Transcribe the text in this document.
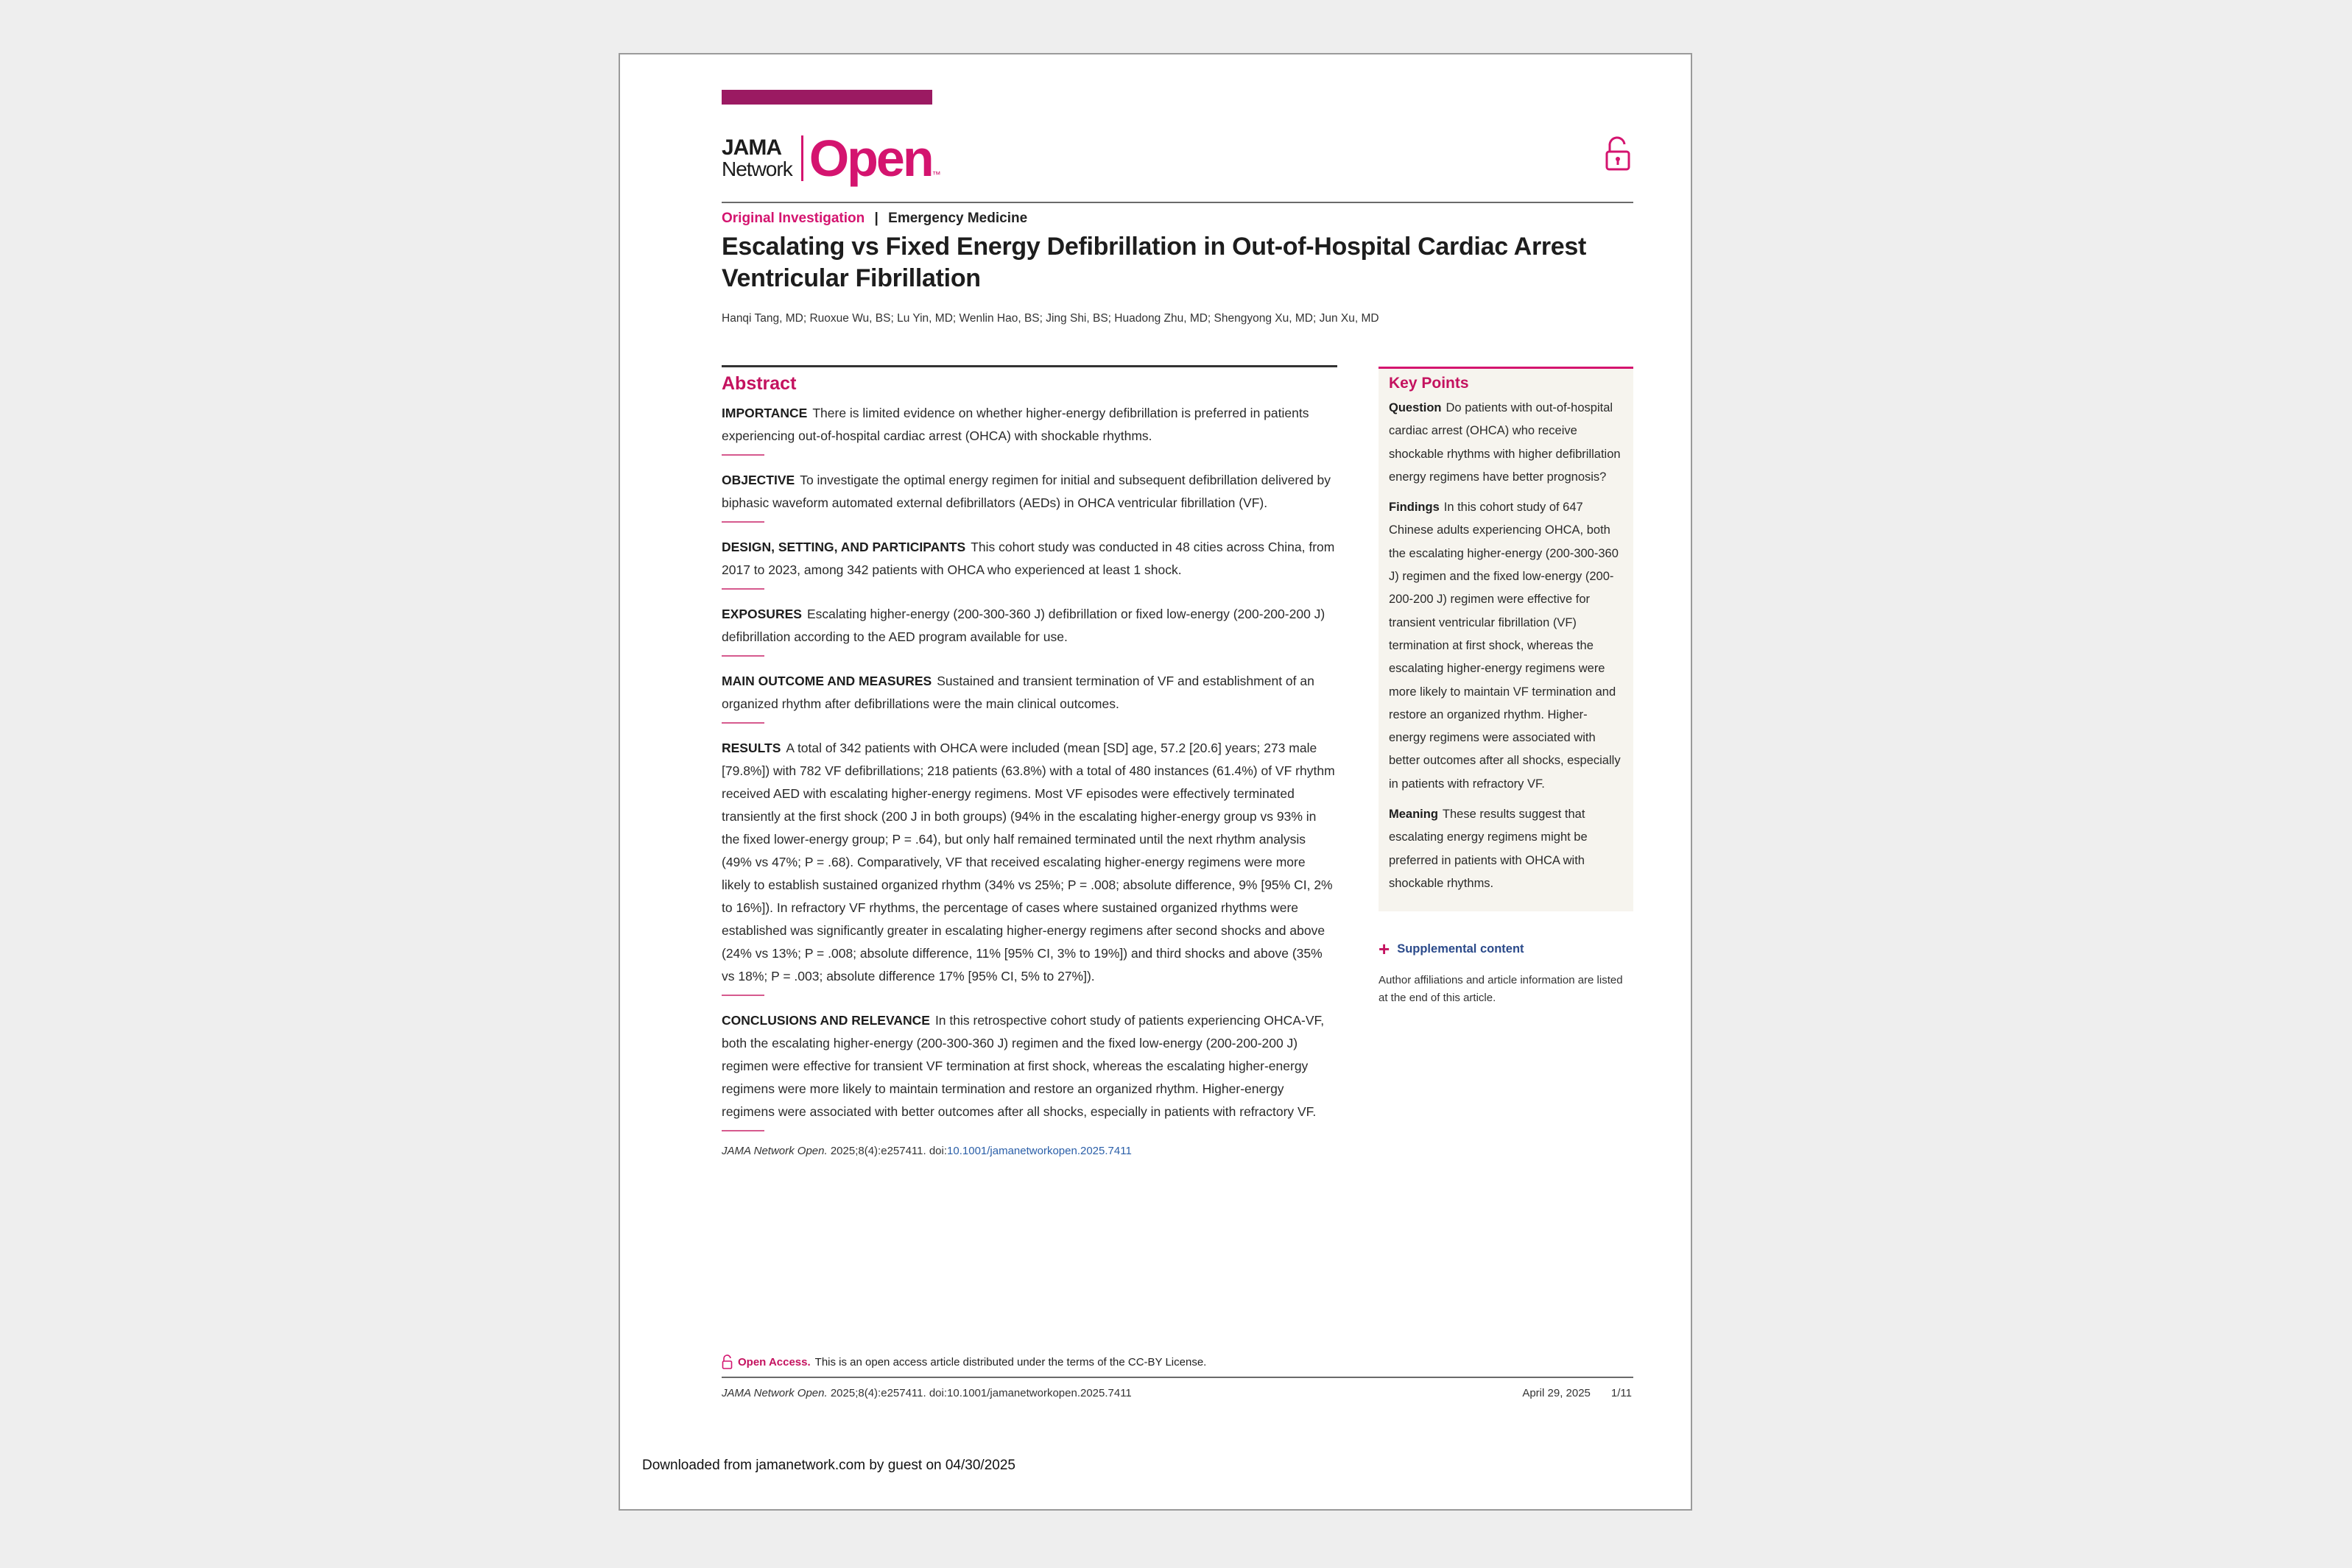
JAMA
Network Open ™
Original Investigation | Emergency Medicine
Escalating vs Fixed Energy Defibrillation in Out-of-Hospital Cardiac Arrest Ventricular Fibrillation

Hanqi Tang, MD; Ruoxue Wu, BS; Lu Yin, MD; Wenlin Hao, BS; Jing Shi, BS; Huadong Zhu, MD; Shengyong Xu, MD; Jun Xu, MD

Abstract

IMPORTANCE There is limited evidence on whether higher-energy defibrillation is preferred in patients experiencing out-of-hospital cardiac arrest (OHCA) with shockable rhythms.

OBJECTIVE To investigate the optimal energy regimen for initial and subsequent defibrillation delivered by biphasic waveform automated external defibrillators (AEDs) in OHCA ventricular fibrillation (VF).

DESIGN, SETTING, AND PARTICIPANTS This cohort study was conducted in 48 cities across China, from 2017 to 2023, among 342 patients with OHCA who experienced at least 1 shock.

EXPOSURES Escalating higher-energy (200-300-360 J) defibrillation or fixed low-energy (200-200-200 J) defibrillation according to the AED program available for use.

MAIN OUTCOME AND MEASURES Sustained and transient termination of VF and establishment of an organized rhythm after defibrillations were the main clinical outcomes.

RESULTS A total of 342 patients with OHCA were included (mean [SD] age, 57.2 [20.6] years; 273 male [79.8%]) with 782 VF defibrillations; 218 patients (63.8%) with a total of 480 instances (61.4%) of VF rhythm received AED with escalating higher-energy regimens. Most VF episodes were effectively terminated transiently at the first shock (200 J in both groups) (94% in the escalating higher-energy group vs 93% in the fixed lower-energy group; P = .64), but only half remained terminated until the next rhythm analysis (49% vs 47%; P = .68). Comparatively, VF that received escalating higher-energy regimens were more likely to establish sustained organized rhythm (34% vs 25%; P = .008; absolute difference, 9% [95% CI, 2% to 16%]). In refractory VF rhythms, the percentage of cases where sustained organized rhythms were established was significantly greater in escalating higher-energy regimens after second shocks and above (24% vs 13%; P = .008; absolute difference, 11% [95% CI, 3% to 19%]) and third shocks and above (35% vs 18%; P = .003; absolute difference 17% [95% CI, 5% to 27%]).

CONCLUSIONS AND RELEVANCE In this retrospective cohort study of patients experiencing OHCA-VF, both the escalating higher-energy (200-300-360 J) regimen and the fixed low-energy (200-200-200 J) regimen were effective for transient VF termination at first shock, whereas the escalating higher-energy regimens were more likely to maintain termination and restore an organized rhythm. Higher-energy regimens were associated with better outcomes after all shocks, especially in patients with refractory VF.

JAMA Network Open. 2025;8(4):e257411. doi:10.1001/jamanetworkopen.2025.7411
Key Points

Question Do patients with out-of-hospital cardiac arrest (OHCA) who receive shockable rhythms with higher defibrillation energy regimens have better prognosis?

Findings In this cohort study of 647 Chinese adults experiencing OHCA, both the escalating higher-energy (200-300-360 J) regimen and the fixed low-energy (200-200-200 J) regimen were effective for transient ventricular fibrillation (VF) termination at first shock, whereas the escalating higher-energy regimens were more likely to maintain VF termination and restore an organized rhythm. Higher-energy regimens were associated with better outcomes after all shocks, especially in patients with refractory VF.

Meaning These results suggest that escalating energy regimens might be preferred in patients with OHCA with shockable rhythms.

+ Supplemental content
Author affiliations and article information are listed at the end of this article.
Open Access. This is an open access article distributed under the terms of the CC-BY License.
JAMA Network Open. 2025;8(4):e257411. doi:10.1001/jamanetworkopen.2025.7411	April 29, 2025 1/11
Downloaded from jamanetwork.com by guest on 04/30/2025
